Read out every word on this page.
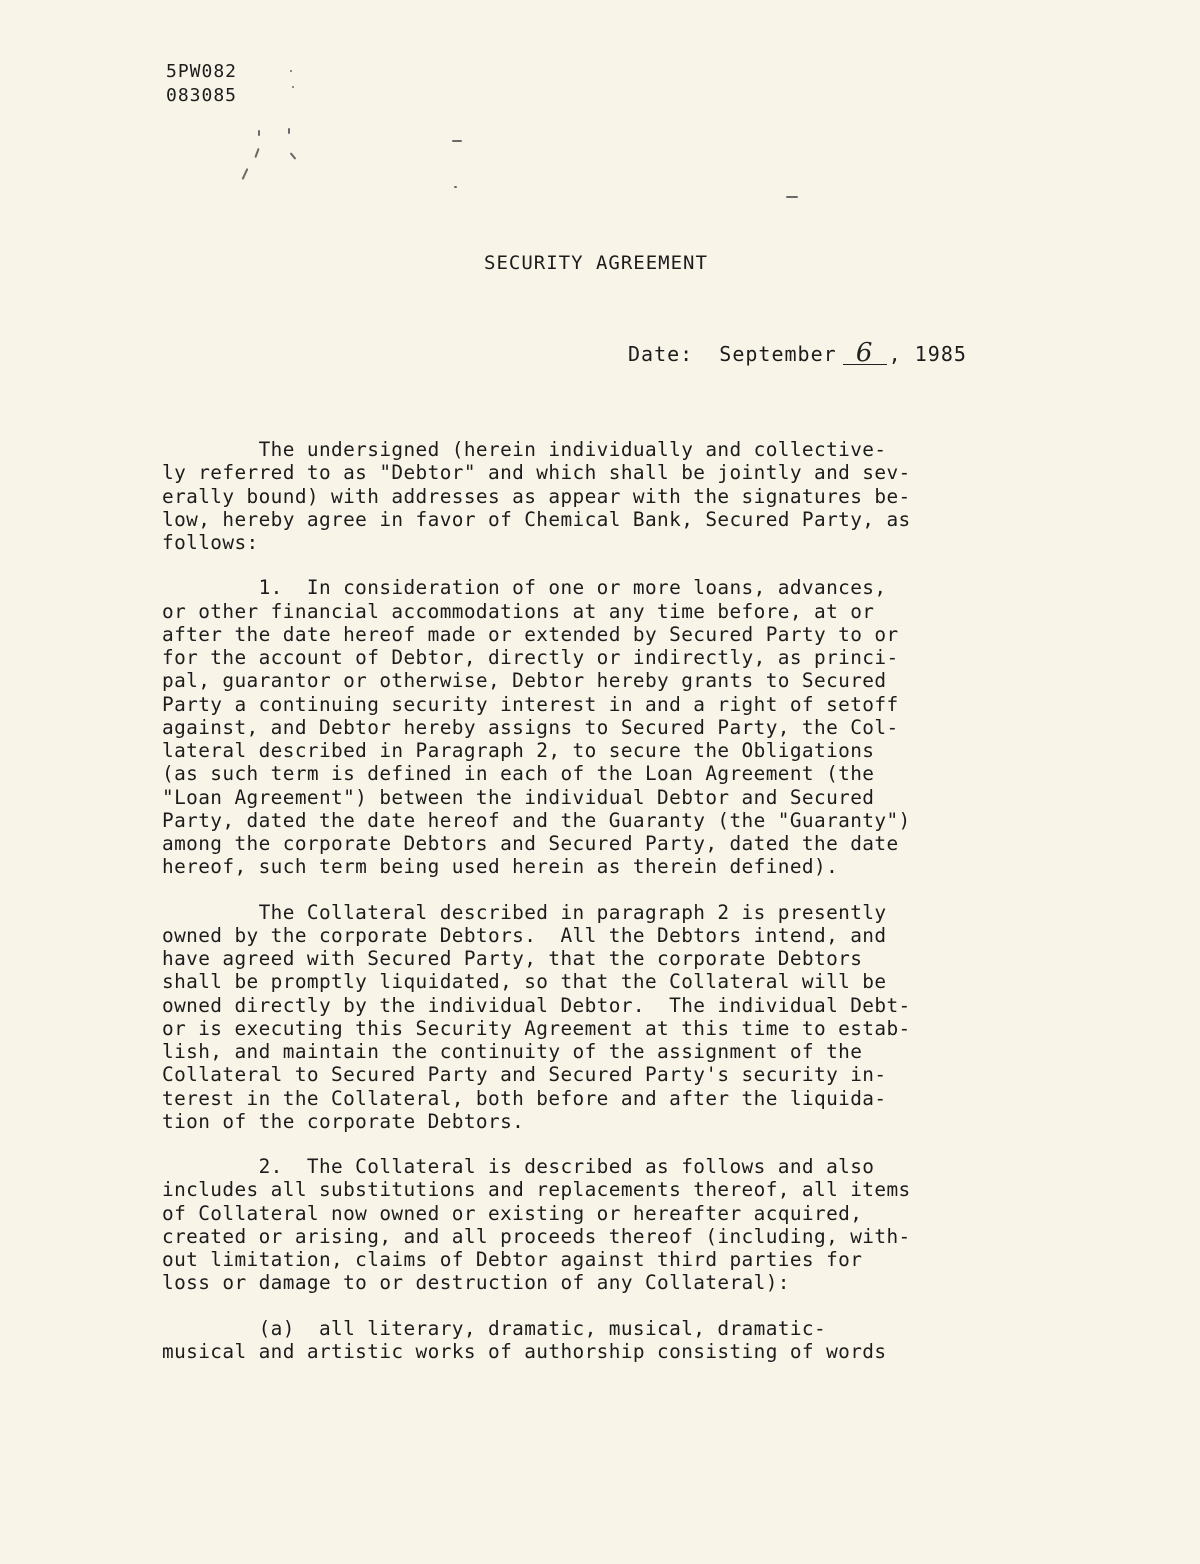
5PW082
083085
SECURITY AGREEMENT
Date:  September 6 , 1985
The undersigned (herein individually and collective-
ly referred to as "Debtor" and which shall be jointly and sev-
erally bound) with addresses as appear with the signatures be-
low, hereby agree in favor of Chemical Bank, Secured Party, as
follows:
1.  In consideration of one or more loans, advances,
or other financial accommodations at any time before, at or
after the date hereof made or extended by Secured Party to or
for the account of Debtor, directly or indirectly, as princi-
pal, guarantor or otherwise, Debtor hereby grants to Secured
Party a continuing security interest in and a right of setoff
against, and Debtor hereby assigns to Secured Party, the Col-
lateral described in Paragraph 2, to secure the Obligations
(as such term is defined in each of the Loan Agreement (the
"Loan Agreement") between the individual Debtor and Secured
Party, dated the date hereof and the Guaranty (the "Guaranty")
among the corporate Debtors and Secured Party, dated the date
hereof, such term being used herein as therein defined).
The Collateral described in paragraph 2 is presently
owned by the corporate Debtors.  All the Debtors intend, and
have agreed with Secured Party, that the corporate Debtors
shall be promptly liquidated, so that the Collateral will be
owned directly by the individual Debtor.  The individual Debt-
or is executing this Security Agreement at this time to estab-
lish, and maintain the continuity of the assignment of the
Collateral to Secured Party and Secured Party's security in-
terest in the Collateral, both before and after the liquida-
tion of the corporate Debtors.
2.  The Collateral is described as follows and also
includes all substitutions and replacements thereof, all items
of Collateral now owned or existing or hereafter acquired,
created or arising, and all proceeds thereof (including, with-
out limitation, claims of Debtor against third parties for
loss or damage to or destruction of any Collateral):
(a)  all literary, dramatic, musical, dramatic-
musical and artistic works of authorship consisting of words
